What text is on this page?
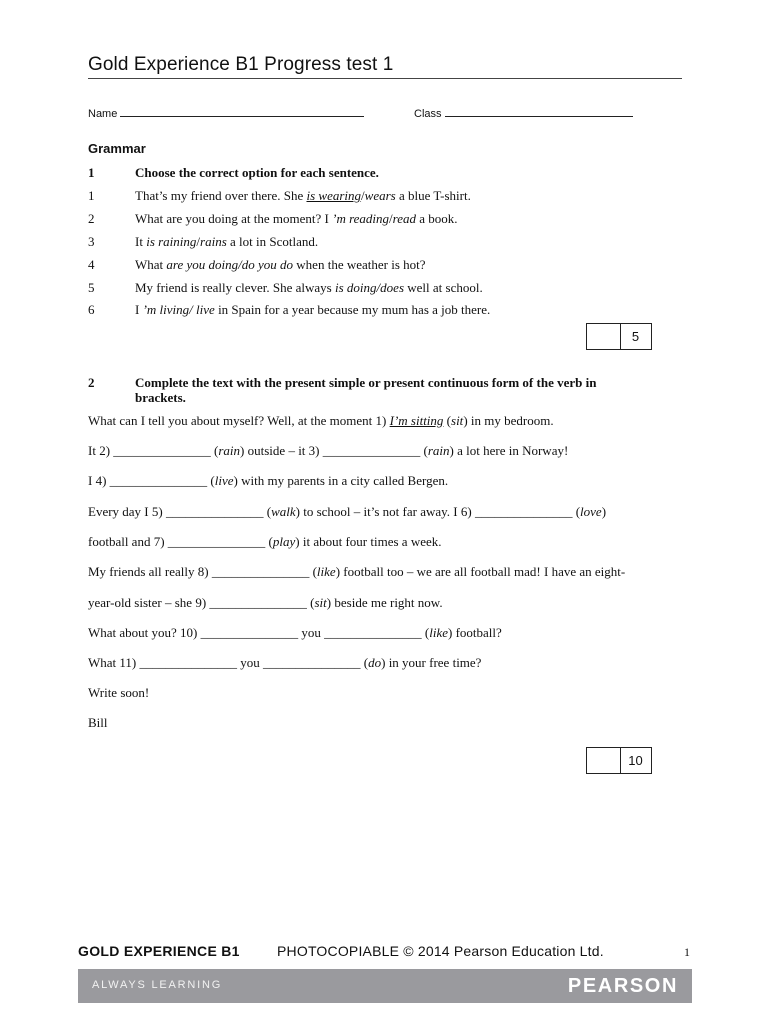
Gold Experience B1 Progress test 1
Name	Class
Grammar
1	Choose the correct option for each sentence.
1	That’s my friend over there. She is wearing/wears a blue T-shirt.
2	What are you doing at the moment? I ’m reading/read a book.
3	It is raining/rains a lot in Scotland.
4	What are you doing/do you do when the weather is hot?
5	My friend is really clever. She always is doing/does well at school.
6	I ’m living/ live in Spain for a year because my mum has a job there.
5
2	Complete the text with the present simple or present continuous form of the verb in
brackets.
What can I tell you about myself? Well, at the moment 1) I’m sitting (sit) in my bedroom.
It 2) _______________ (rain) outside – it 3) _______________ (rain) a lot here in Norway!
I 4) _______________ (live) with my parents in a city called Bergen.
Every day I 5) _______________ (walk) to school – it’s not far away. I 6) _______________ (love)
football and 7) _______________ (play) it about four times a week.
My friends all really 8) _______________ (like) football too – we are all football mad! I have an eight-
year-old sister – she 9) _______________ (sit) beside me right now.
What about you? 10) _______________ you _______________ (like) football?
What 11) _______________ you _______________ (do) in your free time?
Write soon!
Bill
10
GOLD EXPERIENCE B1	PHOTOCOPIABLE © 2014 Pearson Education Ltd.	1
ALWAYS LEARNING	PEARSON
